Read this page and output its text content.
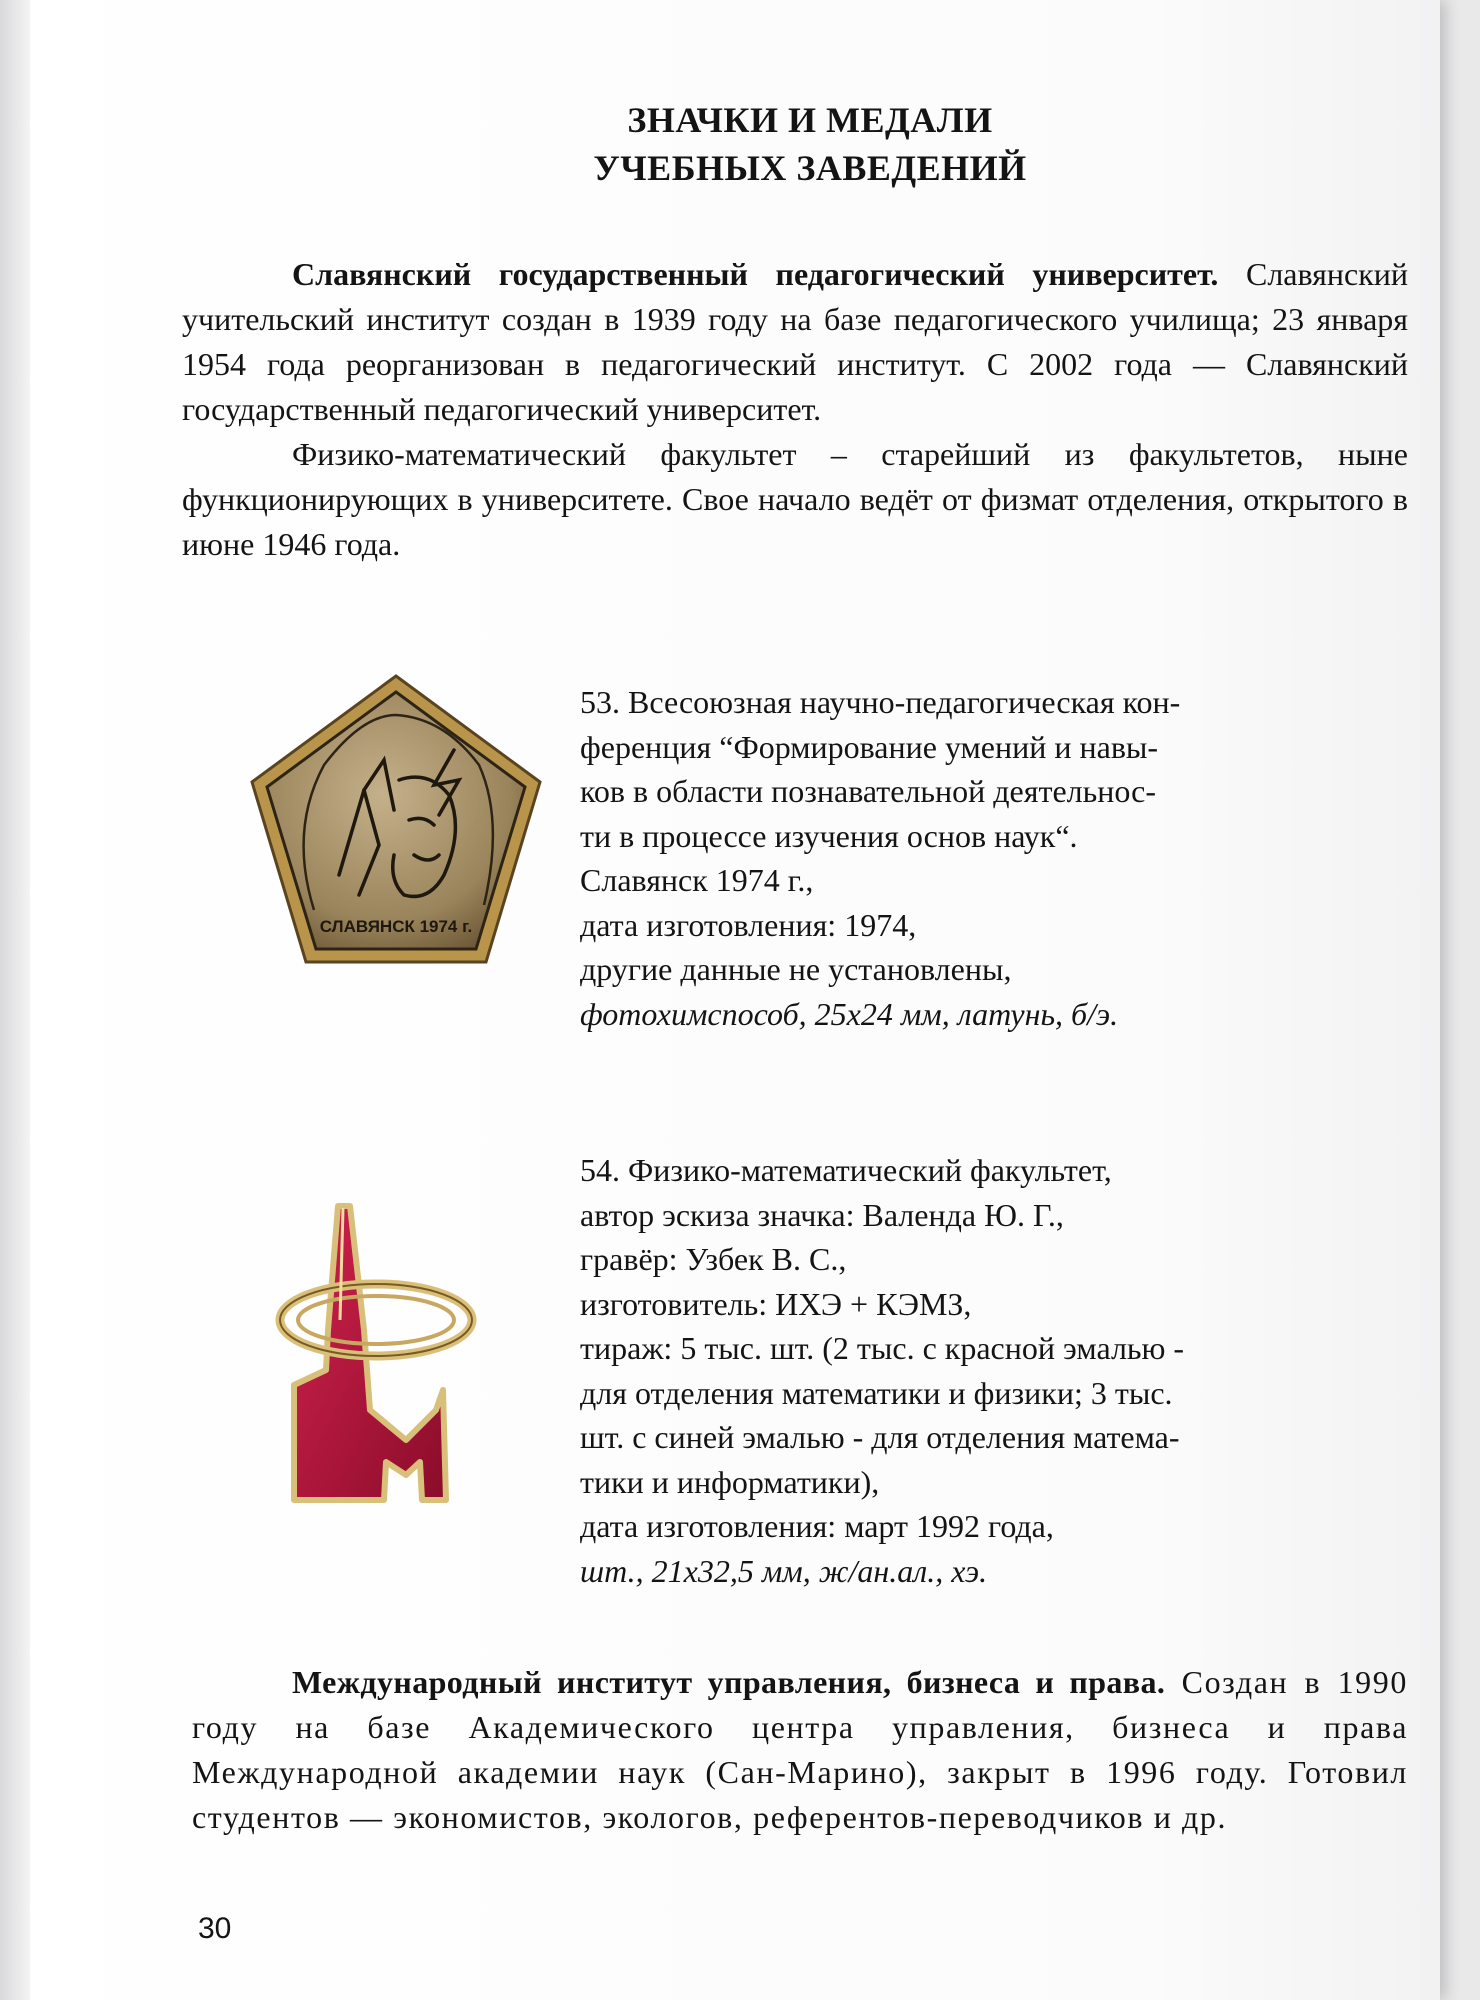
ЗНАЧКИ И МЕДАЛИ
УЧЕБНЫХ ЗАВЕДЕНИЙ

Славянский государственный педагогический университет. Славянский учительский институт создан в 1939 году на базе педагогического училища; 23 января 1954 года реорганизован в педагогический институт. С 2002 года — Славянский государственный педагогический университет.

Физико-математический факультет – старейший из факультетов, ныне функционирующих в университете. Свое начало ведёт от физмат отделения, открытого в июне 1946 года.

СЛАВЯНСК 1974 г.
53. Всесоюзная научно-педагогическая кон-
ференция “Формирование умений и навы-
ков в области познавательной деятельнос-
ти в процессе изучения основ наук“.
Славянск 1974 г.,
дата изготовления: 1974,
другие данные не установлены,
фотохимспособ, 25х24 мм, латунь, б/э.
54. Физико-математический факультет,
автор эскиза значка: Валенда Ю. Г.,
гравёр: Узбек В. С.,
изготовитель: ИХЭ + КЭМЗ,
тираж: 5 тыс. шт. (2 тыс. с красной эмалью -
для отделения математики и физики; 3 тыс.
шт. с синей эмалью - для отделения матема-
тики и информатики),
дата изготовления: март 1992 года,
шт., 21х32,5 мм, ж/ан.ал., хэ.

Международный институт управления, бизнеса и права. Создан в 1990 году на базе Академического центра управления, бизнеса и права Международной академии наук (Сан-Марино), закрыт в 1996 году. Готовил студентов — экономистов, экологов, референтов-переводчиков и др.

30
